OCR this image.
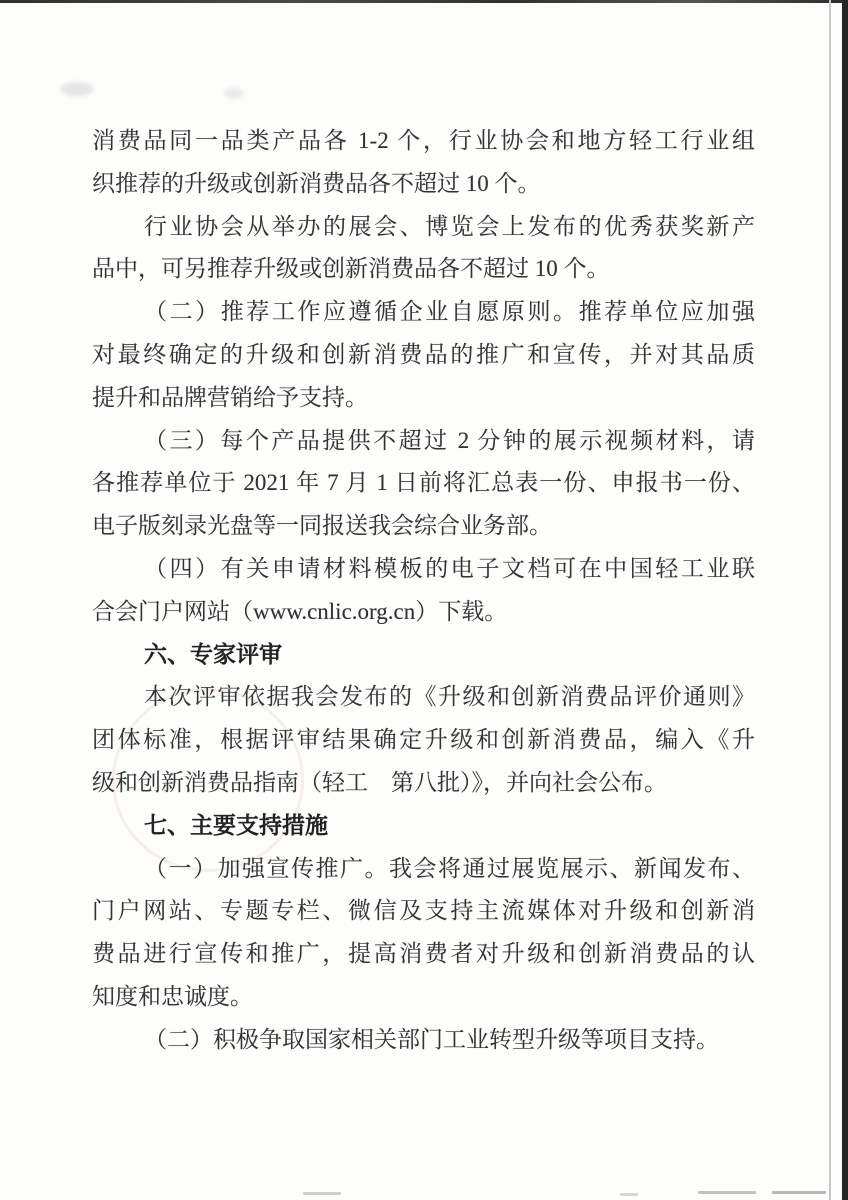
消费品同一品类产品各 1-2 个，行业协会和地方轻工行业组
织推荐的升级或创新消费品各不超过 10 个。
行业协会从举办的展会、博览会上发布的优秀获奖新产
品中，可另推荐升级或创新消费品各不超过 10 个。
（二）推荐工作应遵循企业自愿原则。推荐单位应加强
对最终确定的升级和创新消费品的推广和宣传，并对其品质
提升和品牌营销给予支持。
（三）每个产品提供不超过 2 分钟的展示视频材料，请
各推荐单位于 2021 年 7 月 1 日前将汇总表一份、申报书一份、
电子版刻录光盘等一同报送我会综合业务部。
（四）有关申请材料模板的电子文档可在中国轻工业联
合会门户网站（www.cnlic.org.cn）下载。
六、专家评审
本次评审依据我会发布的《升级和创新消费品评价通则》
团体标准，根据评审结果确定升级和创新消费品，编入《升
级和创新消费品指南（轻工　第八批）》，并向社会公布。
七、主要支持措施
（一）加强宣传推广。我会将通过展览展示、新闻发布、
门户网站、专题专栏、微信及支持主流媒体对升级和创新消
费品进行宣传和推广，提高消费者对升级和创新消费品的认
知度和忠诚度。
（二）积极争取国家相关部门工业转型升级等项目支持。
